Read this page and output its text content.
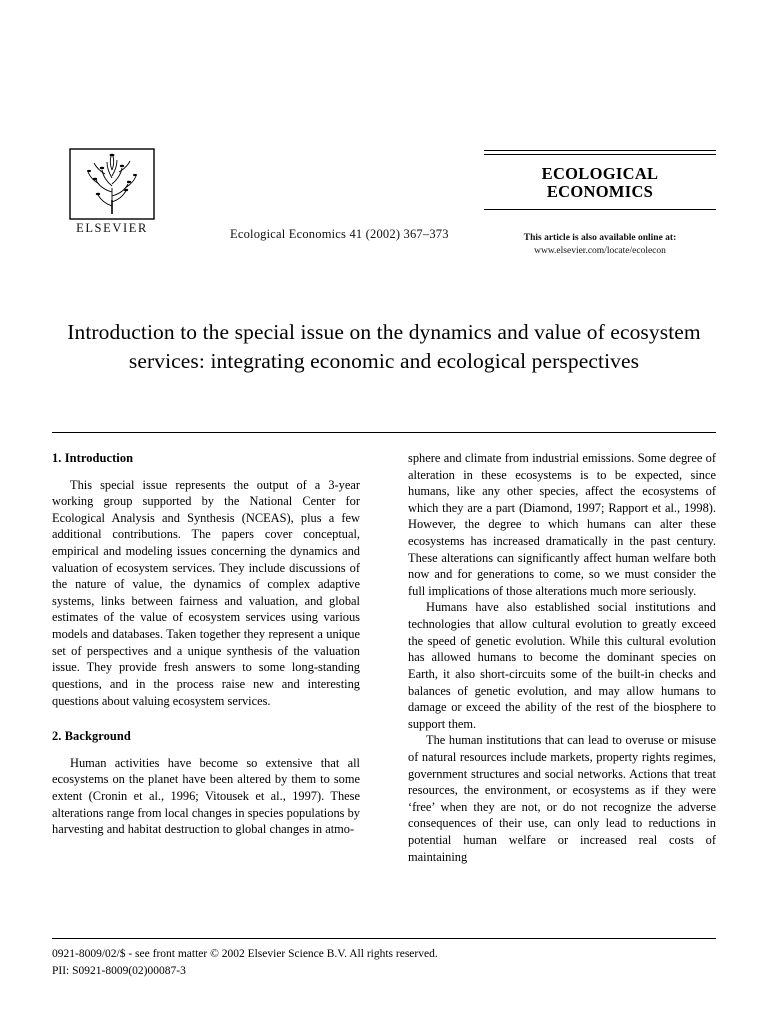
ELSEVIER	Ecological Economics 41 (2002) 367–373
ECOLOGICAL
ECONOMICS
This article is also available online at:
www.elsevier.com/locate/ecolecon
Introduction to the special issue on the dynamics and value of ecosystem services: integrating economic and ecological perspectives
1. Introduction

This special issue represents the output of a 3-year working group supported by the National Center for Ecological Analysis and Synthesis (NCEAS), plus a few additional contributions. The papers cover conceptual, empirical and modeling issues concerning the dynamics and valuation of ecosystem services. They include discussions of the nature of value, the dynamics of complex adaptive systems, links between fairness and valuation, and global estimates of the value of ecosystem services using various models and databases. Taken together they represent a unique set of perspectives and a unique synthesis of the valuation issue. They provide fresh answers to some long-standing questions, and in the process raise new and interesting questions about valuing ecosystem services.

2. Background

Human activities have become so extensive that all ecosystems on the planet have been altered by them to some extent (Cronin et al., 1996; Vitousek et al., 1997). These alterations range from local changes in species populations by harvesting and habitat destruction to global changes in atmo-

sphere and climate from industrial emissions. Some degree of alteration in these ecosystems is to be expected, since humans, like any other species, affect the ecosystems of which they are a part (Diamond, 1997; Rapport et al., 1998). However, the degree to which humans can alter these ecosystems has increased dramatically in the past century. These alterations can significantly affect human welfare both now and for generations to come, so we must consider the full implications of those alterations much more seriously.

Humans have also established social institutions and technologies that allow cultural evolution to greatly exceed the speed of genetic evolution. While this cultural evolution has allowed humans to become the dominant species on Earth, it also short-circuits some of the built-in checks and balances of genetic evolution, and may allow humans to damage or exceed the ability of the rest of the biosphere to support them.

The human institutions that can lead to overuse or misuse of natural resources include markets, property rights regimes, government structures and social networks. Actions that treat resources, the environment, or ecosystems as if they were ‘free’ when they are not, or do not recognize the adverse consequences of their use, can only lead to reductions in potential human welfare or increased real costs of maintaining

0921-8009/02/$ - see front matter © 2002 Elsevier Science B.V. All rights reserved.
PII: S0921-8009(02)00087-3
